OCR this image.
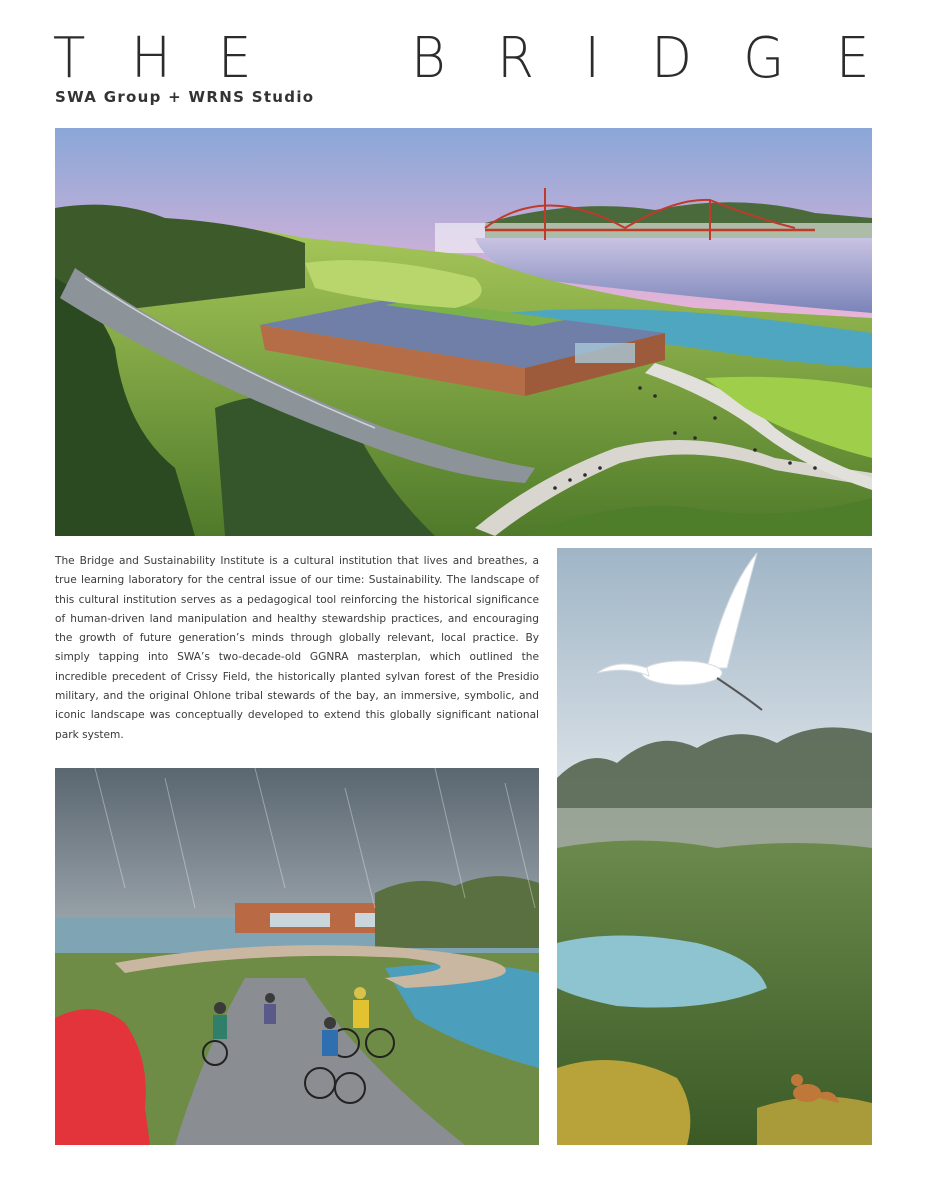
T H E	B R I D G E
SWA Group + WRNS Studio

The Bridge and Sustainability Institute is a cultural institution that lives and breathes, a true learning laboratory for the central issue of our time: Sustainability. The landscape of this cultural institution serves as a pedagogical tool reinforcing the historical significance of human-driven land manipulation and healthy stewardship practices, and encouraging the growth of future generation’s minds through globally relevant, local practice. By simply tapping into SWA’s two-decade-old GGNRA masterplan, which outlined the incredible precedent of Crissy Field, the historically planted sylvan forest of the Presidio military, and the original Ohlone tribal stewards of the bay, an immersive, symbolic, and iconic landscape was conceptually developed to extend this globally significant national park system.
